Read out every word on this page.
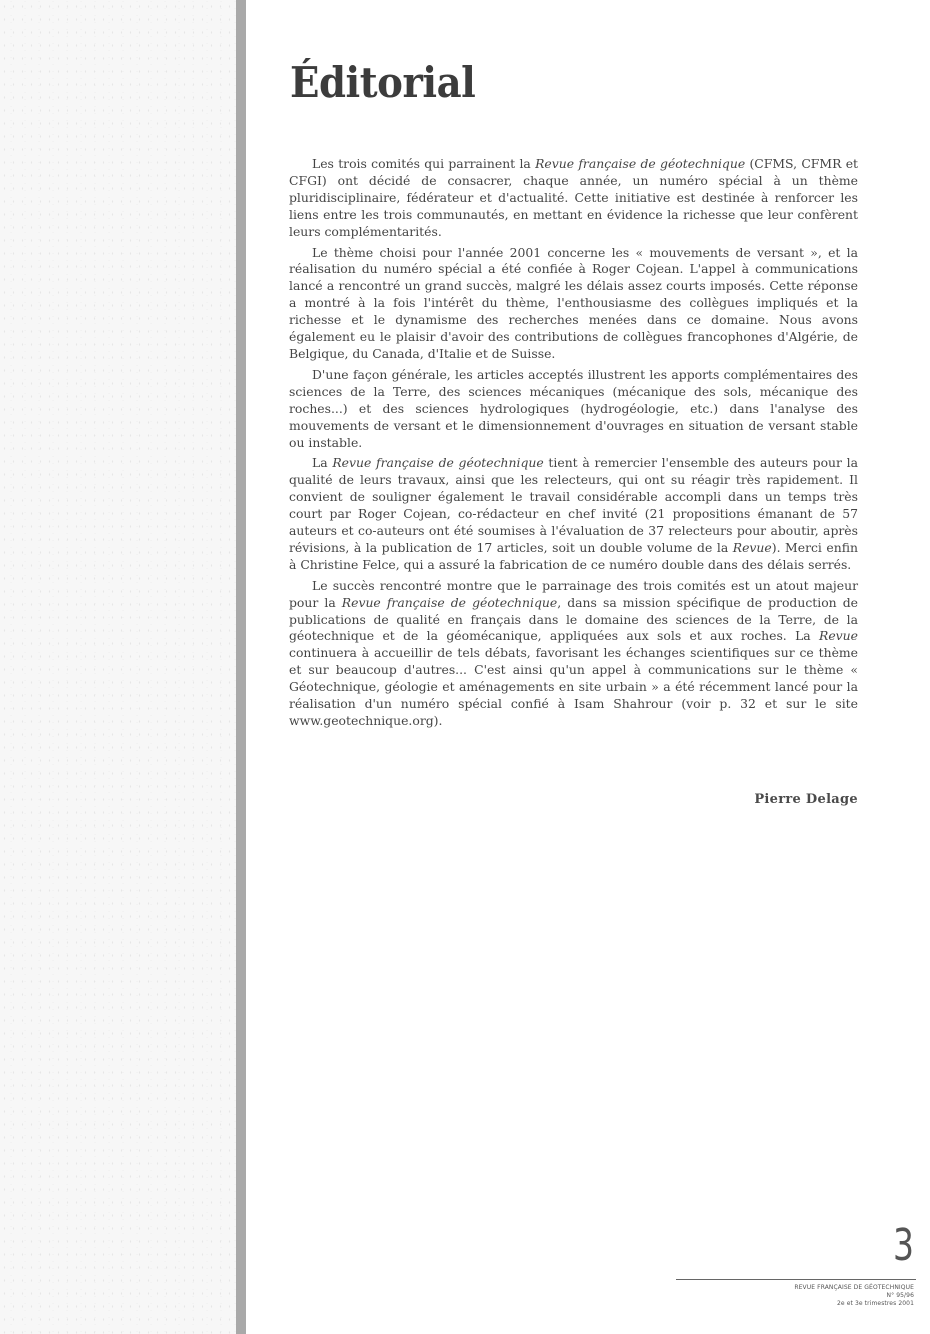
Éditorial

Les trois comités qui parrainent la Revue française de géotechnique (CFMS, CFMR et CFGI) ont décidé de consacrer, chaque année, un numéro spécial à un thème pluridisciplinaire, fédérateur et d'actualité. Cette initiative est destinée à renforcer les liens entre les trois communautés, en mettant en évidence la richesse que leur confèrent leurs complémentarités.

Le thème choisi pour l'année 2001 concerne les « mouvements de versant », et la réalisation du numéro spécial a été confiée à Roger Cojean. L'appel à communications lancé a rencontré un grand succès, malgré les délais assez courts imposés. Cette réponse a montré à la fois l'intérêt du thème, l'enthousiasme des collègues impliqués et la richesse et le dynamisme des recherches menées dans ce domaine. Nous avons également eu le plaisir d'avoir des contributions de collègues francophones d'Algérie, de Belgique, du Canada, d'Italie et de Suisse.

D'une façon générale, les articles acceptés illustrent les apports complémentaires des sciences de la Terre, des sciences mécaniques (mécanique des sols, mécanique des roches...) et des sciences hydrologiques (hydrogéologie, etc.) dans l'analyse des mouvements de versant et le dimensionnement d'ouvrages en situation de versant stable ou instable.

La Revue française de géotechnique tient à remercier l'ensemble des auteurs pour la qualité de leurs travaux, ainsi que les relecteurs, qui ont su réagir très rapidement. Il convient de souligner également le travail considérable accompli dans un temps très court par Roger Cojean, co-rédacteur en chef invité (21 propositions émanant de 57 auteurs et co-auteurs ont été soumises à l'évaluation de 37 relecteurs pour aboutir, après révisions, à la publication de 17 articles, soit un double volume de la Revue). Merci enfin à Christine Felce, qui a assuré la fabrication de ce numéro double dans des délais serrés.

Le succès rencontré montre que le parrainage des trois comités est un atout majeur pour la Revue française de géotechnique, dans sa mission spécifique de production de publications de qualité en français dans le domaine des sciences de la Terre, de la géotechnique et de la géomécanique, appliquées aux sols et aux roches. La Revue continuera à accueillir de tels débats, favorisant les échanges scientifiques sur ce thème et sur beaucoup d'autres... C'est ainsi qu'un appel à communications sur le thème « Géotechnique, géologie et aménagements en site urbain » a été récemment lancé pour la réalisation d'un numéro spécial confié à Isam Shahrour (voir p. 32 et sur le site www.geotechnique.org).

Pierre Delage
3
REVUE FRANÇAISE DE GÉOTECHNIQUE
N° 95/96
2e et 3e trimestres 2001
